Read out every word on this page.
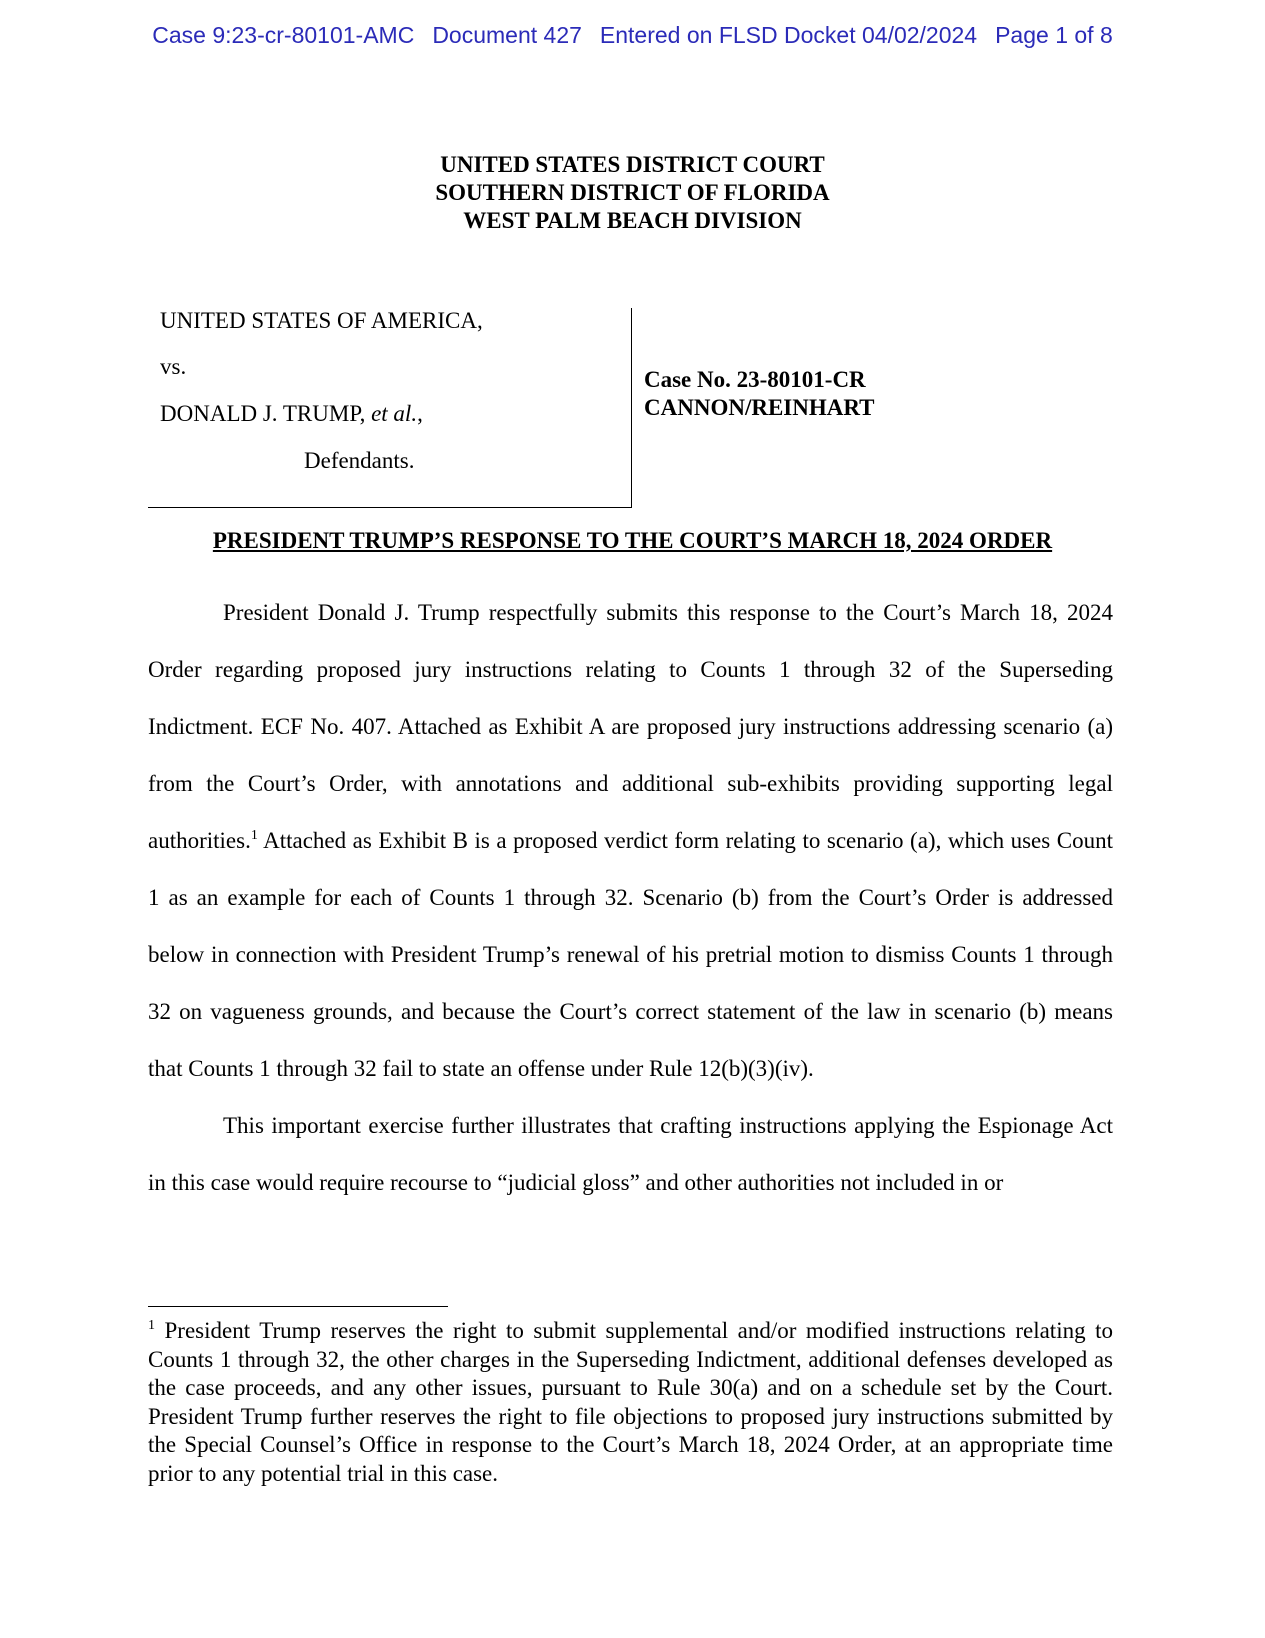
Case 9:23-cr-80101-AMC Document 427 Entered on FLSD Docket 04/02/2024 Page 1 of 8
UNITED STATES DISTRICT COURT
SOUTHERN DISTRICT OF FLORIDA
WEST PALM BEACH DIVISION
UNITED STATES OF AMERICA,
vs.
DONALD J. TRUMP, et al.,
Defendants.
Case No. 23-80101-CR
CANNON/REINHART
PRESIDENT TRUMP’S RESPONSE TO THE COURT’S MARCH 18, 2024 ORDER

President Donald J. Trump respectfully submits this response to the Court’s March 18, 2024 Order regarding proposed jury instructions relating to Counts 1 through 32 of the Superseding Indictment. ECF No. 407. Attached as Exhibit A are proposed jury instructions addressing scenario (a) from the Court’s Order, with annotations and additional sub-exhibits providing supporting legal authorities.$^1$ Attached as Exhibit B is a proposed verdict form relating to scenario (a), which uses Count 1 as an example for each of Counts 1 through 32. Scenario (b) from the Court’s Order is addressed below in connection with President Trump’s renewal of his pretrial motion to dismiss Counts 1 through 32 on vagueness grounds, and because the Court’s correct statement of the law in scenario (b) means that Counts 1 through 32 fail to state an offense under Rule 12(b)(3)(iv).

This important exercise further illustrates that crafting instructions applying the Espionage Act in this case would require recourse to “judicial gloss” and other authorities not included in or

$^1$ President Trump reserves the right to submit supplemental and/or modified instructions relating to Counts 1 through 32, the other charges in the Superseding Indictment, additional defenses developed as the case proceeds, and any other issues, pursuant to Rule 30(a) and on a schedule set by the Court. President Trump further reserves the right to file objections to proposed jury instructions submitted by the Special Counsel’s Office in response to the Court’s March 18, 2024 Order, at an appropriate time prior to any potential trial in this case.
